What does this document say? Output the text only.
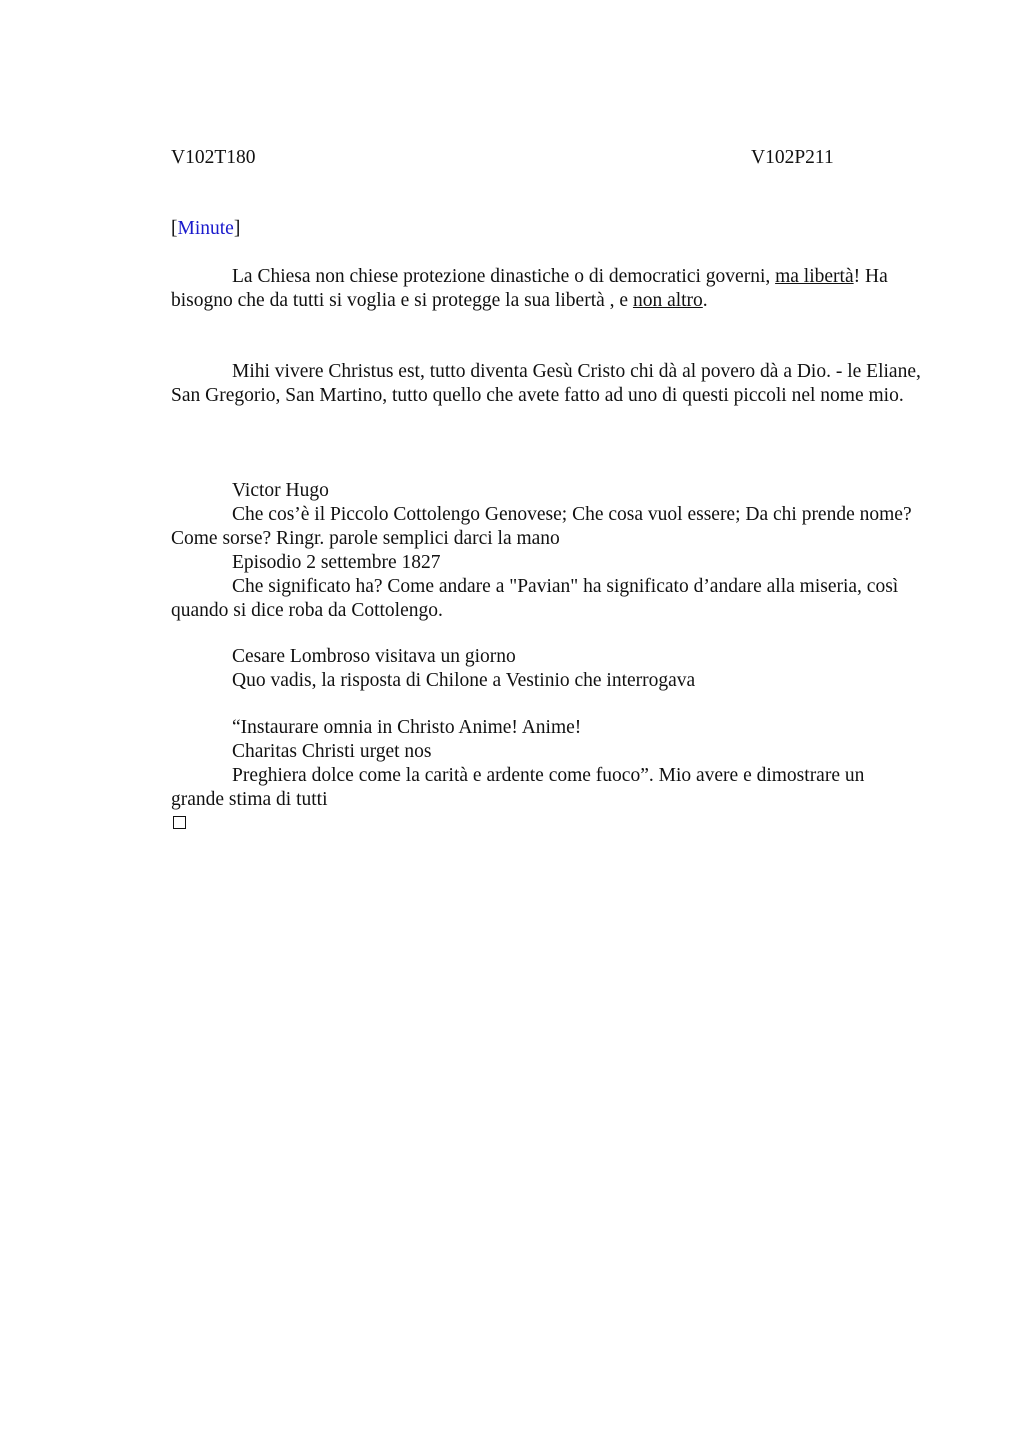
V102T180	V102P211
[Minute]

La Chiesa non chiese protezione dinastiche o di democratici governi, ma libertà! Ha bisogno che da tutti si voglia e si protegge la sua libertà , e non altro.

Mihi vivere Christus est, tutto diventa Gesù Cristo chi dà al povero dà a Dio. - le Eliane, San Gregorio, San Martino, tutto quello che avete fatto ad uno di questi piccoli nel nome mio.

Victor Hugo

Che cos’è il Piccolo Cottolengo Genovese; Che cosa vuol essere; Da chi prende nome? Come sorse? Ringr. parole semplici darci la mano

Episodio 2 settembre 1827

Che significato ha? Come andare a "Pavian" ha significato d’andare alla miseria, così quando si dice roba da Cottolengo.

Cesare Lombroso visitava un giorno

Quo vadis, la risposta di Chilone a Vestinio che interrogava

“Instaurare omnia in Christo Anime! Anime!

Charitas Christi urget nos

Preghiera dolce come la carità e ardente come fuoco”. Mio avere e dimostrare un grande stima di tutti
